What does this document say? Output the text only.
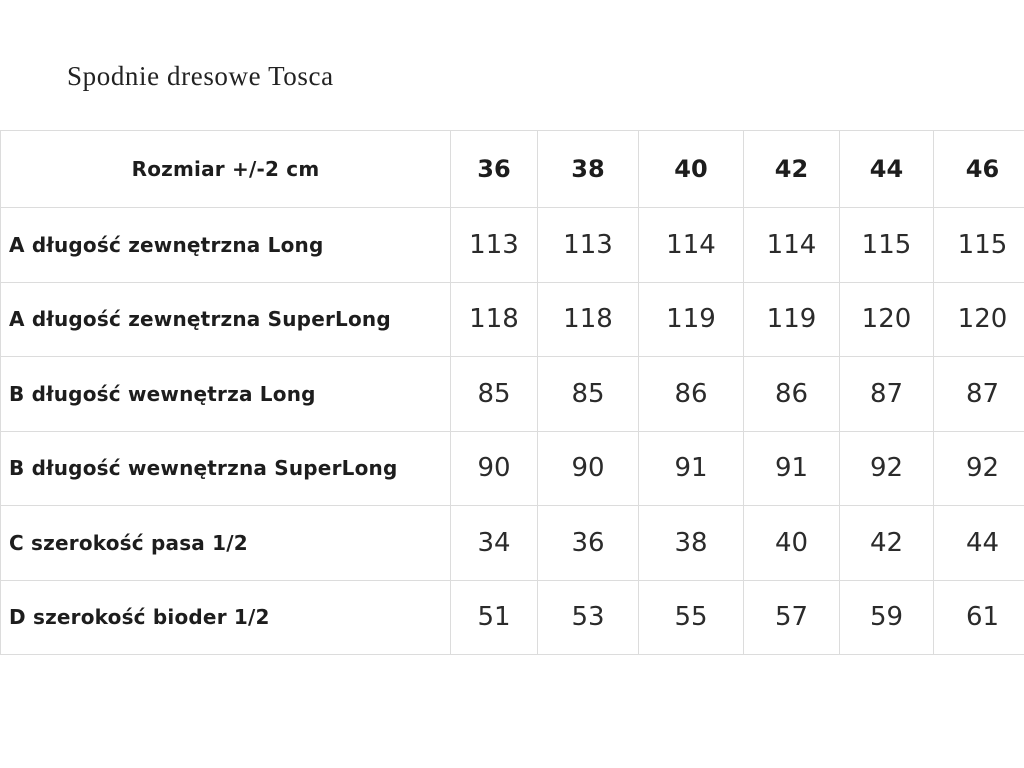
Spodnie dresowe Tosca
Rozmiar +/-2 cm	36	38	40	42	44	46
A długość zewnętrzna Long	113	113	114	114	115	115
A długość zewnętrzna SuperLong	118	118	119	119	120	120
B długość wewnętrza Long	85	85	86	86	87	87
B długość wewnętrzna SuperLong	90	90	91	91	92	92
C szerokość pasa 1/2	34	36	38	40	42	44
D szerokość bioder 1/2	51	53	55	57	59	61
